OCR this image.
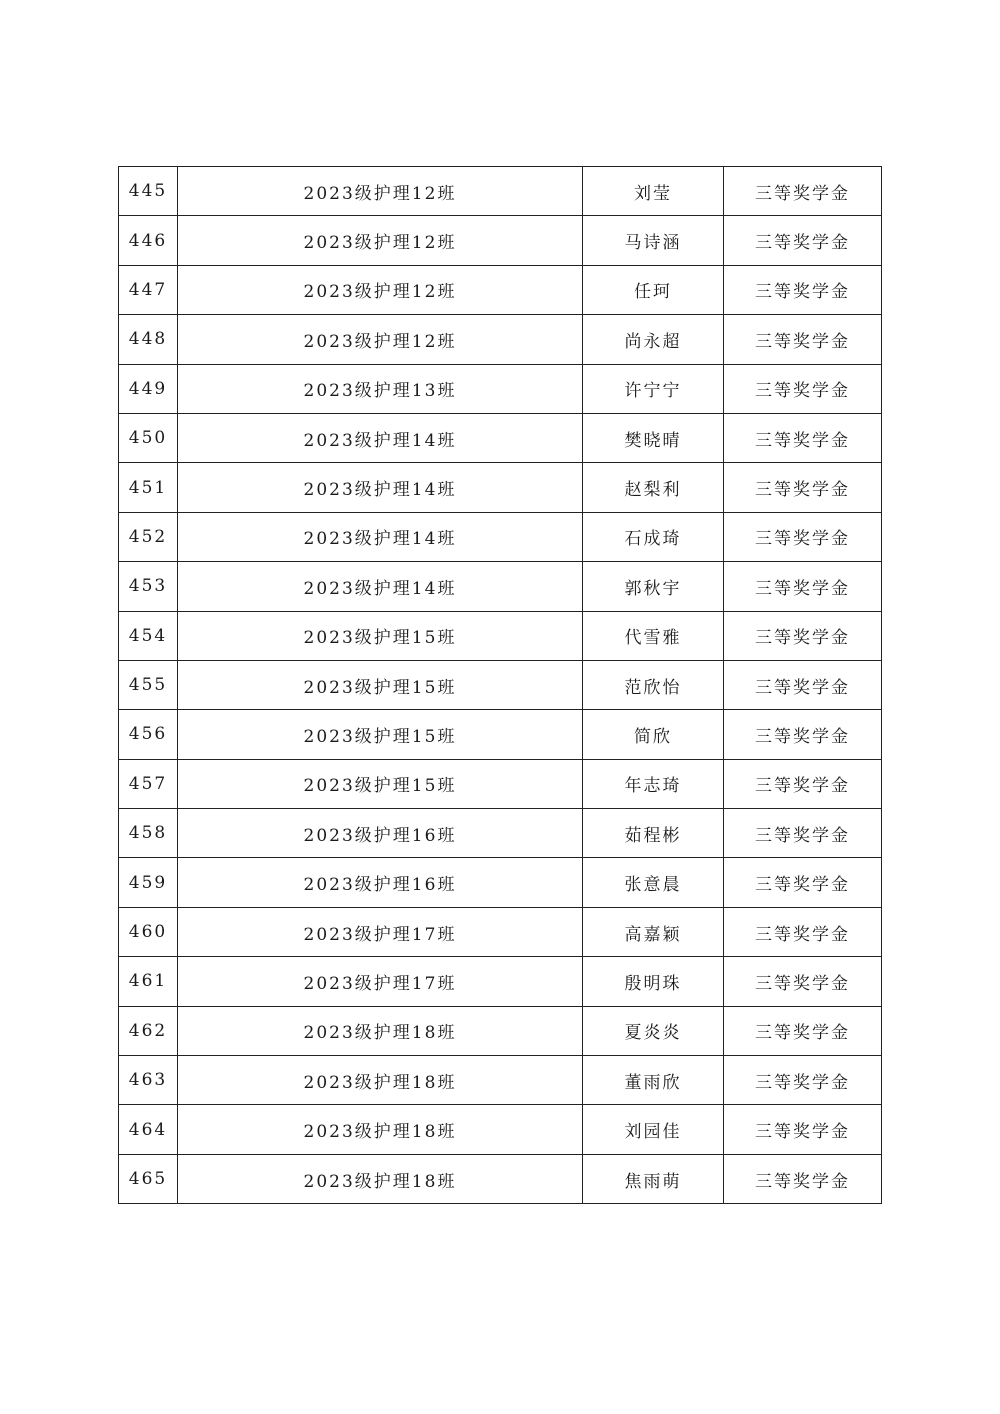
445	2023级护理12班	刘莹	三等奖学金
446	2023级护理12班	马诗涵	三等奖学金
447	2023级护理12班	任珂	三等奖学金
448	2023级护理12班	尚永超	三等奖学金
449	2023级护理13班	许宁宁	三等奖学金
450	2023级护理14班	樊晓晴	三等奖学金
451	2023级护理14班	赵梨利	三等奖学金
452	2023级护理14班	石成琦	三等奖学金
453	2023级护理14班	郭秋宇	三等奖学金
454	2023级护理15班	代雪雅	三等奖学金
455	2023级护理15班	范欣怡	三等奖学金
456	2023级护理15班	简欣	三等奖学金
457	2023级护理15班	年志琦	三等奖学金
458	2023级护理16班	茹程彬	三等奖学金
459	2023级护理16班	张意晨	三等奖学金
460	2023级护理17班	高嘉颖	三等奖学金
461	2023级护理17班	殷明珠	三等奖学金
462	2023级护理18班	夏炎炎	三等奖学金
463	2023级护理18班	董雨欣	三等奖学金
464	2023级护理18班	刘园佳	三等奖学金
465	2023级护理18班	焦雨萌	三等奖学金
